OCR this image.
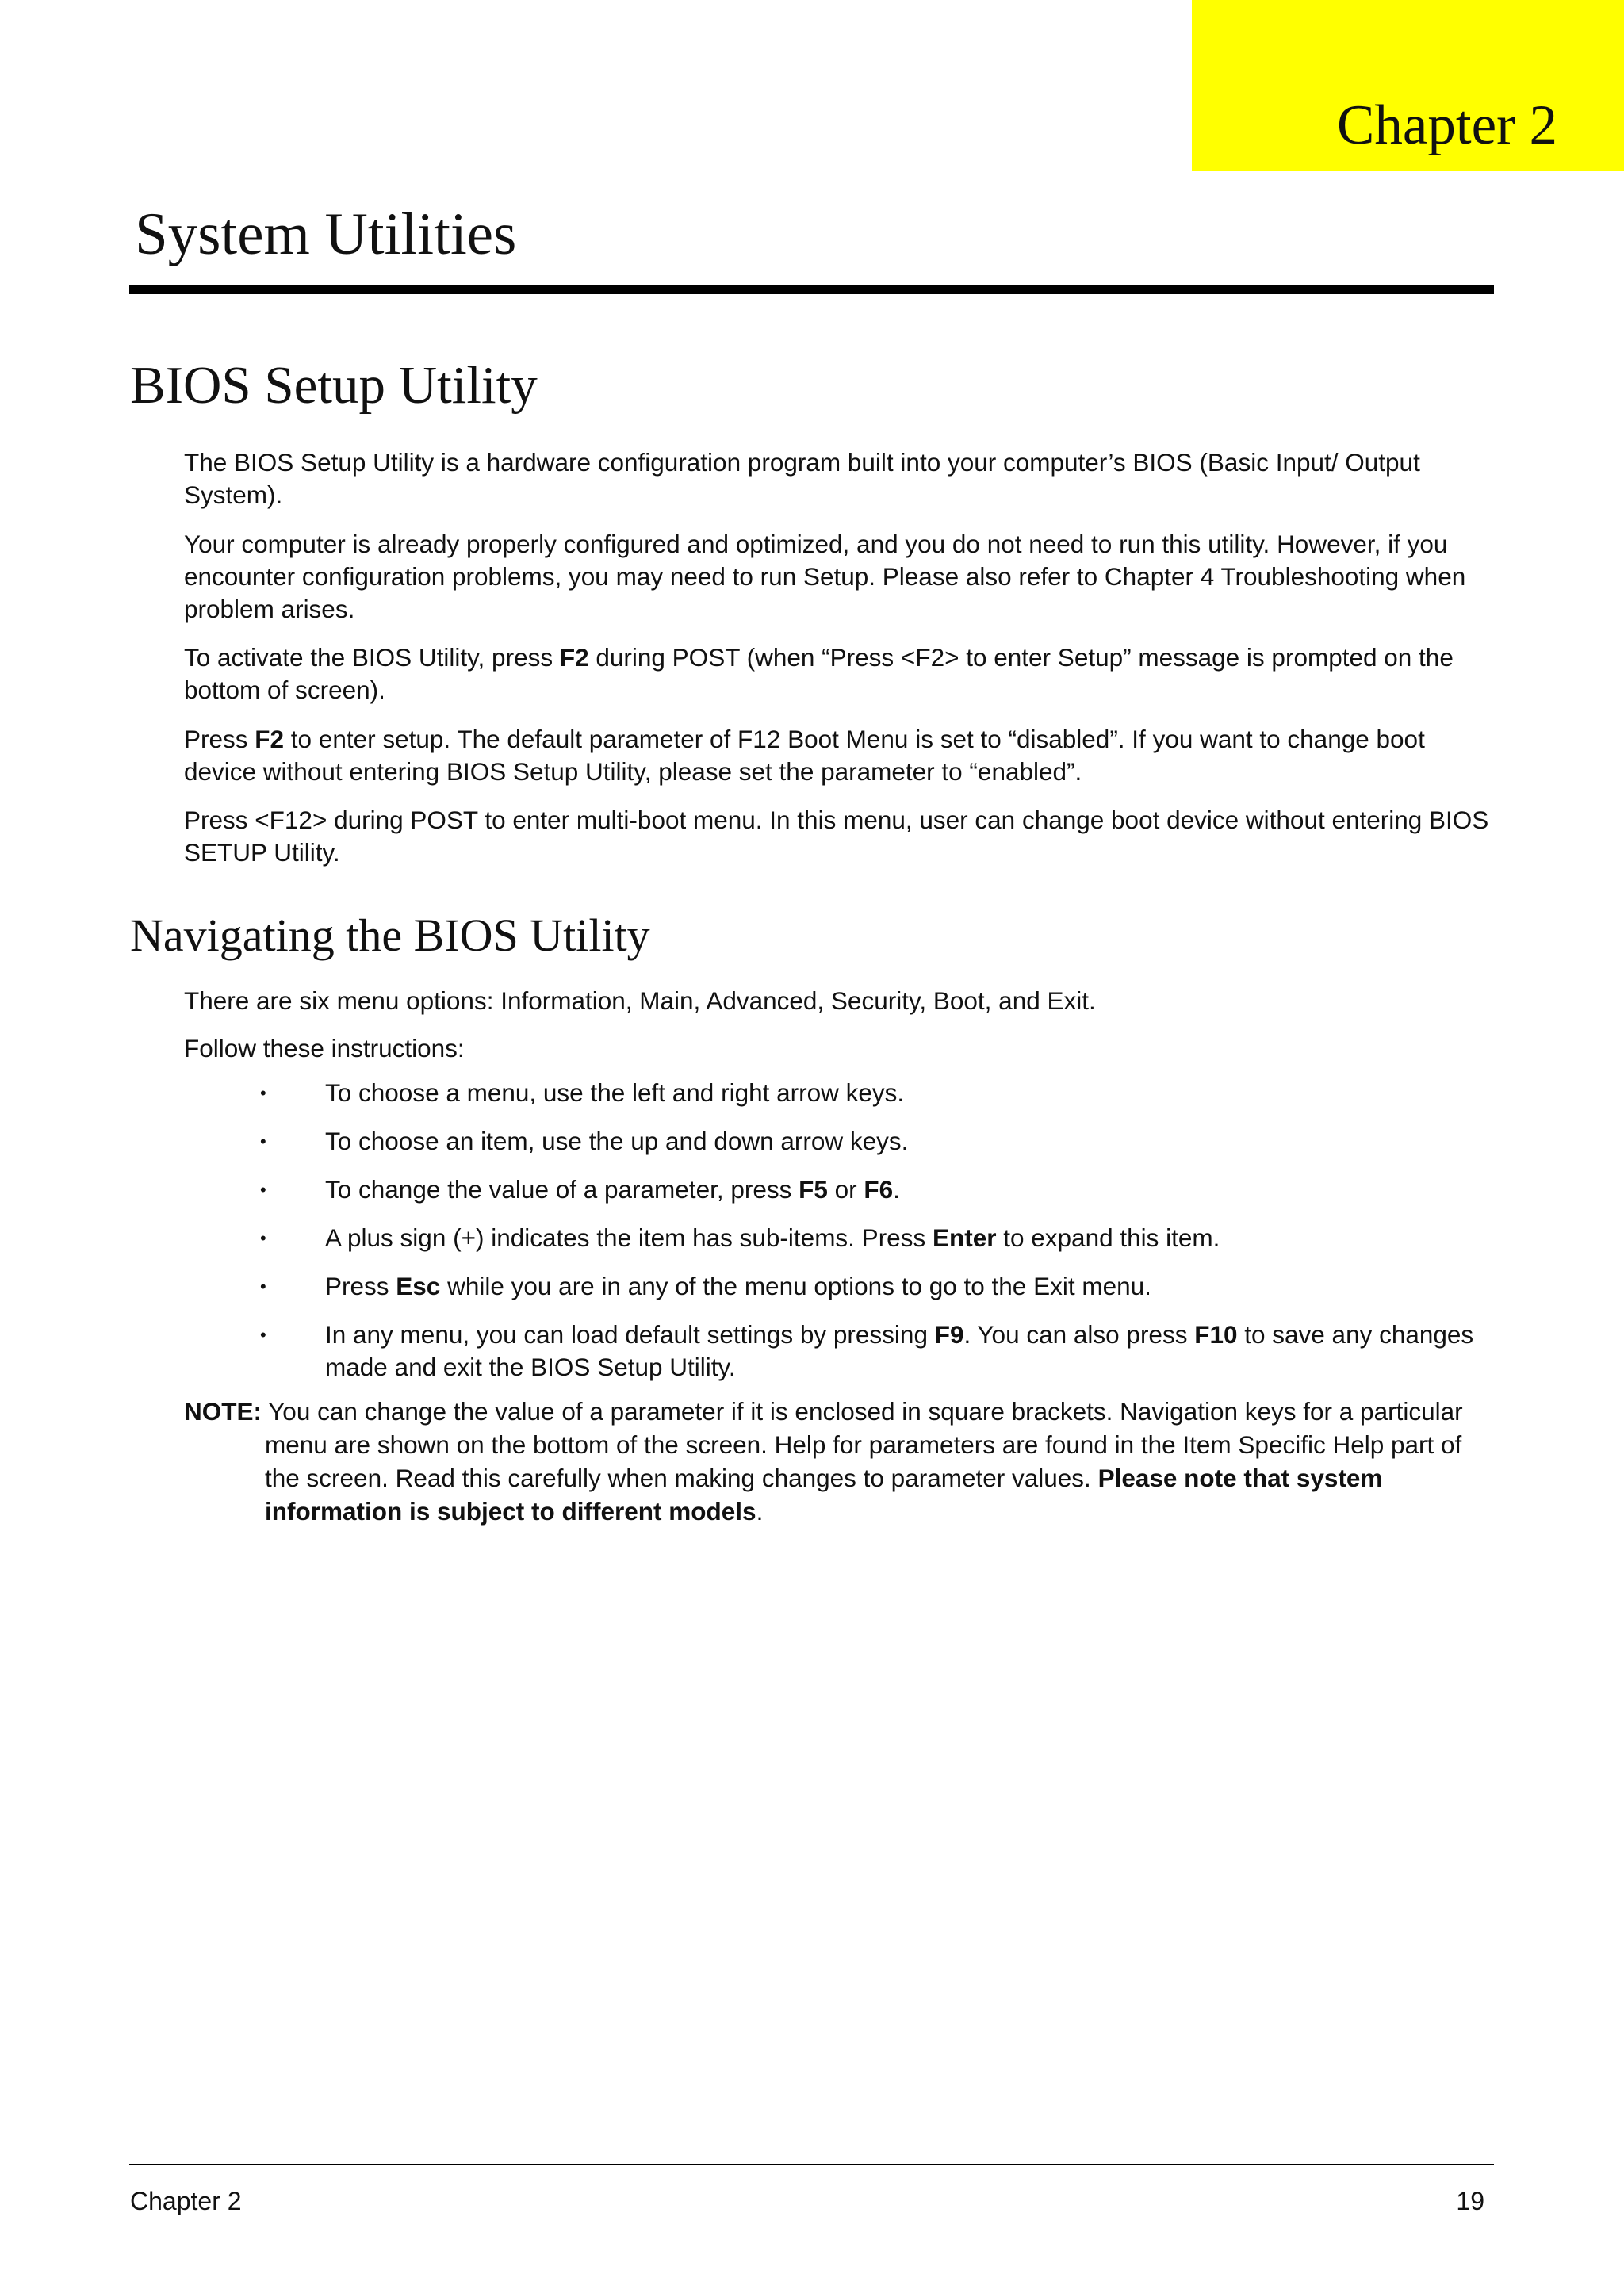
Chapter 2
System Utilities
BIOS Setup Utility

The BIOS Setup Utility is a hardware configuration program built into your computer’s BIOS (Basic Input/ Output System).

Your computer is already properly configured and optimized, and you do not need to run this utility. However, if you encounter configuration problems, you may need to run Setup. Please also refer to Chapter 4 Troubleshooting when problem arises.

To activate the BIOS Utility, press F2 during POST (when “Press <F2> to enter Setup” message is prompted on the bottom of screen).

Press F2 to enter setup. The default parameter of F12 Boot Menu is set to “disabled”. If you want to change boot device without entering BIOS Setup Utility, please set the parameter to “enabled”.

Press <F12> during POST to enter multi-boot menu. In this menu, user can change boot device without entering BIOS SETUP Utility.

Navigating the BIOS Utility

There are six menu options: Information, Main, Advanced, Security, Boot, and Exit.

Follow these instructions:

• To choose a menu, use the left and right arrow keys.
• To choose an item, use the up and down arrow keys.
• To change the value of a parameter, press F5 or F6.
• A plus sign (+) indicates the item has sub-items. Press Enter to expand this item.
• Press Esc while you are in any of the menu options to go to the Exit menu.
• In any menu, you can load default settings by pressing F9. You can also press F10 to save any changes made and exit the BIOS Setup Utility.
NOTE: You can change the value of a parameter if it is enclosed in square brackets. Navigation keys for a particular menu are shown on the bottom of the screen. Help for parameters are found in the Item Specific Help part of the screen. Read this carefully when making changes to parameter values. Please note that system information is subject to different models.
Chapter 2	19
